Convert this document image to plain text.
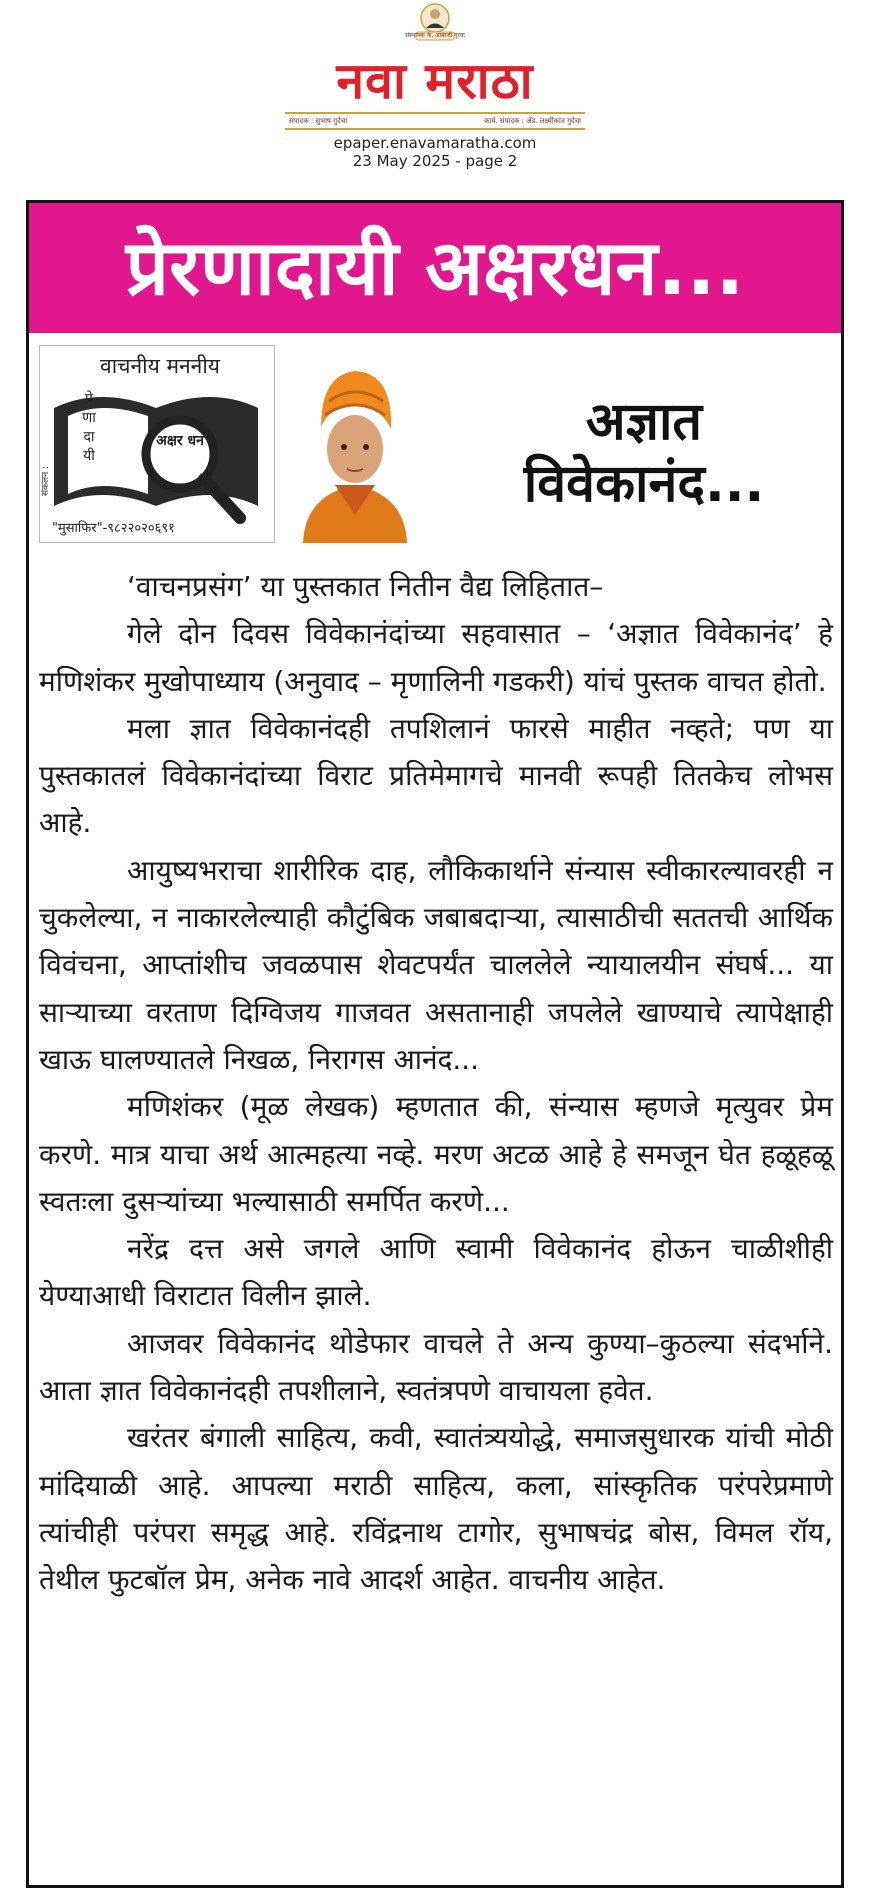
संस्थापक के. आबाजी गुरवा
नवा मराठा
संपादक : सुभाष गुदेचा	कार्य. संपादक : ॲड. लक्ष्मीकांत गुदेचा
epaper.enavamaratha.com
23 May 2025 - page 2
प्रेरणादायी अक्षरधन...
संकलन :
वाचनीय मननीय
प्रे णा दा यी
अक्षर धन
"मुसाफिर"-९८२२०२०६९१
अज्ञात
विवेकानंद...

‘वाचनप्रसंग’ या पुस्तकात नितीन वैद्य लिहितात–

गेले दोन दिवस विवेकानंदांच्या सहवासात – ‘अज्ञात विवेकानंद’ हे मणिशंकर मुखोपाध्याय (अनुवाद – मृणालिनी गडकरी) यांचं पुस्तक वाचत होतो.

मला ज्ञात विवेकानंदही तपशिलानं फारसे माहीत नव्हते; पण या पुस्तकातलं विवेकानंदांच्या विराट प्रतिमेमागचे मानवी रूपही तितकेच लोभस आहे.

आयुष्यभराचा शारीरिक दाह, लौकिकार्थाने संन्यास स्वीकारल्यावरही न चुकलेल्या, न नाकारलेल्याही कौटुंबिक जबाबदाऱ्या, त्यासाठीची सततची आर्थिक विवंचना, आप्तांशीच जवळपास शेवटपर्यंत चाललेले न्यायालयीन संघर्ष... या साऱ्याच्या वरताण दिग्विजय गाजवत असतानाही जपलेले खाण्याचे त्यापेक्षाही खाऊ घालण्यातले निखळ, निरागस आनंद...

मणिशंकर (मूळ लेखक) म्हणतात की, संन्यास म्हणजे मृत्युवर प्रेम करणे. मात्र याचा अर्थ आत्महत्या नव्हे. मरण अटळ आहे हे समजून घेत हळूहळू स्वतःला दुसऱ्यांच्या भल्यासाठी समर्पित करणे...

नरेंद्र दत्त असे जगले आणि स्वामी विवेकानंद होऊन चाळीशीही येण्याआधी विराटात विलीन झाले.

आजवर विवेकानंद थोडेफार वाचले ते अन्य कुण्या–कुठल्या संदर्भाने. आता ज्ञात विवेकानंदही तपशीलाने, स्वतंत्रपणे वाचायला हवेत.

खरंतर बंगाली साहित्य, कवी, स्वातंत्र्ययोद्धे, समाजसुधारक यांची मोठी मांदियाळी आहे. आपल्या मराठी साहित्य, कला, सांस्कृतिक परंपरेप्रमाणे त्यांचीही परंपरा समृद्ध आहे. रविंद्रनाथ टागोर, सुभाषचंद्र बोस, विमल रॉय, तेथील फुटबॉल प्रेम, अनेक नावे आदर्श आहेत. वाचनीय आहेत.
